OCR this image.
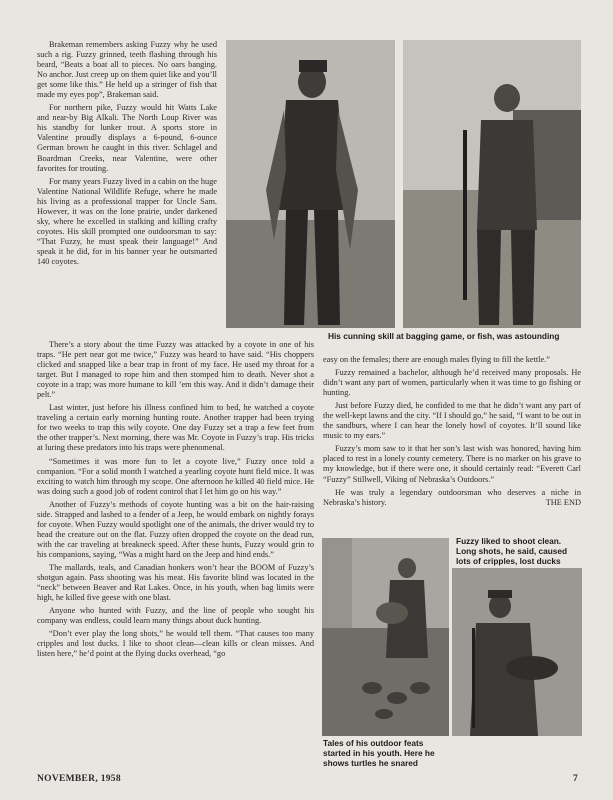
Brakeman remembers asking Fuzzy why he used such a rig. Fuzzy grinned, teeth flashing through his beard, “Beats a boat all to pieces. No oars banging. No anchor. Just creep up on them quiet like and you’ll get some like this.” He held up a stringer of fish that made my eyes pop”, Brakeman said.

For northern pike, Fuzzy would hit Watts Lake and near-by Big Alkali. The North Loup River was his standby for lunker trout. A sports store in Valentine proudly displays a 6-pound, 6-ounce German brown he caught in this river. Schlagel and Boardman Creeks, near Valentine, were other favorites for trouting.

For many years Fuzzy lived in a cabin on the huge Valentine National Wildlife Refuge, where he made his living as a professional trapper for Uncle Sam. However, it was on the lone prairie, under darkened sky, where he excelled in stalking and killing crafty coyotes. His skill prompted one outdoorsman to say: “That Fuzzy, he must speak their language!” And speak it he did, for in his banner year he outsmarted 140 coyotes.

His cunning skill at bagging game, or fish, was astounding

There’s a story about the time Fuzzy was attacked by a coyote in one of his traps. “He pert near got me twice,” Fuzzy was heard to have said. “His choppers clicked and snapped like a bear trap in front of my face. He used my throat for a target. But I managed to rope him and then stomped him to death. Never shot a coyote in a trap; was more humane to kill ’em this way. And it didn’t damage their pelt.”

Last winter, just before his illness confined him to bed, he watched a coyote traveling a certain early morning hunting route. Another trapper had been trying for two weeks to trap this wily coyote. One day Fuzzy set a trap a few feet from the other trapper’s. Next morning, there was Mr. Coyote in Fuzzy’s trap. His tricks at luring these predators into his traps were phenomenal.

“Sometimes it was more fun to let a coyote live,” Fuzzy once told a companion. “For a solid month I watched a yearling coyote hunt field mice. It was exciting to watch him through my scope. One afternoon he killed 40 field mice. He was doing such a good job of rodent control that I let him go on his way.”

Another of Fuzzy’s methods of coyote hunting was a bit on the hair-raising side. Strapped and lashed to a fender of a Jeep, he would embark on nightly forays for coyote. When Fuzzy would spotlight one of the animals, the driver would try to head the creature out on the flat. Fuzzy often dropped the coyote on the dead run, with the car traveling at breakneck speed. After these hunts, Fuzzy would grin to his companions, saying, “Was a might hard on the Jeep and hind ends.”

The mallards, teals, and Canadian honkers won’t hear the BOOM of Fuzzy’s shotgun again. Pass shooting was his meat. His favorite blind was located in the “neck” between Beaver and Rat Lakes. Once, in his youth, when bag limits were high, he killed five geese with one blast.

Anyone who hunted with Fuzzy, and the line of people who sought his company was endless, could learn many things about duck hunting.

“Don’t ever play the long shots,” he would tell them. “That causes too many cripples and lost ducks. I like to shoot clean—clean kills or clean misses. And listen here,” he’d point at the flying ducks overhead, “go

easy on the females; there are enough males flying to fill the kettle.”

Fuzzy remained a bachelor, although he’d received many proposals. He didn’t want any part of women, particularly when it was time to go fishing or hunting.

Just before Fuzzy died, he confided to me that he didn’t want any part of the well-kept lawns and the city. “If I should go,” he said, “I want to be out in the sandburs, where I can hear the lonely howl of coyotes. It’ll sound like music to my ears.”

Fuzzy’s mom saw to it that her son’s last wish was honored, having him placed to rest in a lonely county cemetery. There is no marker on his grave to my knowledge, but if there were one, it should certainly read: “Everett Carl “Fuzzy” Stillwell, Viking of Nebraska’s Outdoors.”

He was truly a legendary outdoorsman who deserves a niche in Nebraska’s history.	THE END

Fuzzy liked to shoot clean. Long shots, he said, caused lots of cripples, lost ducks
Tales of his outdoor feats started in his youth. Here he shows turtles he snared
NOVEMBER, 1958	7
